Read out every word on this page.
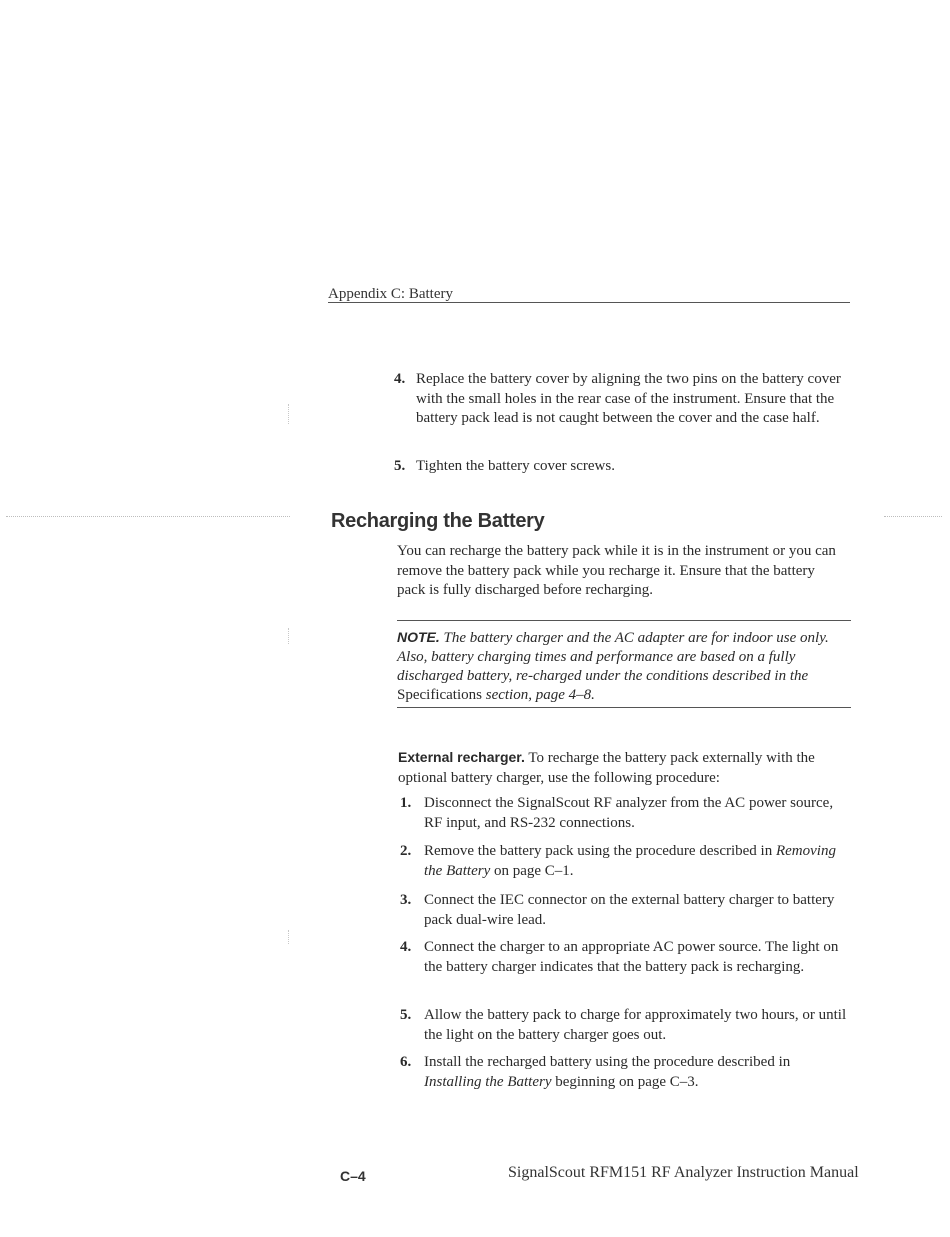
Appendix C: Battery
4. Replace the battery cover by aligning the two pins on the battery cover with the small holes in the rear case of the instrument. Ensure that the battery pack lead is not caught between the cover and the case half.
5. Tighten the battery cover screws.
Recharging the Battery
You can recharge the battery pack while it is in the instrument or you can remove the battery pack while you recharge it. Ensure that the battery pack is fully discharged before recharging.
NOTE. The battery charger and the AC adapter are for indoor use only. Also, battery charging times and performance are based on a fully discharged battery, re-charged under the conditions described in the Specifications section, page 4–8.
External recharger. To recharge the battery pack externally with the optional battery charger, use the following procedure:
1. Disconnect the SignalScout RF analyzer from the AC power source, RF input, and RS-232 connections.
2. Remove the battery pack using the procedure described in Removing the Battery on page C–1.
3. Connect the IEC connector on the external battery charger to battery pack dual-wire lead.
4. Connect the charger to an appropriate AC power source. The light on the battery charger indicates that the battery pack is recharging.
5. Allow the battery pack to charge for approximately two hours, or until the light on the battery charger goes out.
6. Install the recharged battery using the procedure described in Installing the Battery beginning on page C–3.
C–4	SignalScout RFM151 RF Analyzer Instruction Manual
